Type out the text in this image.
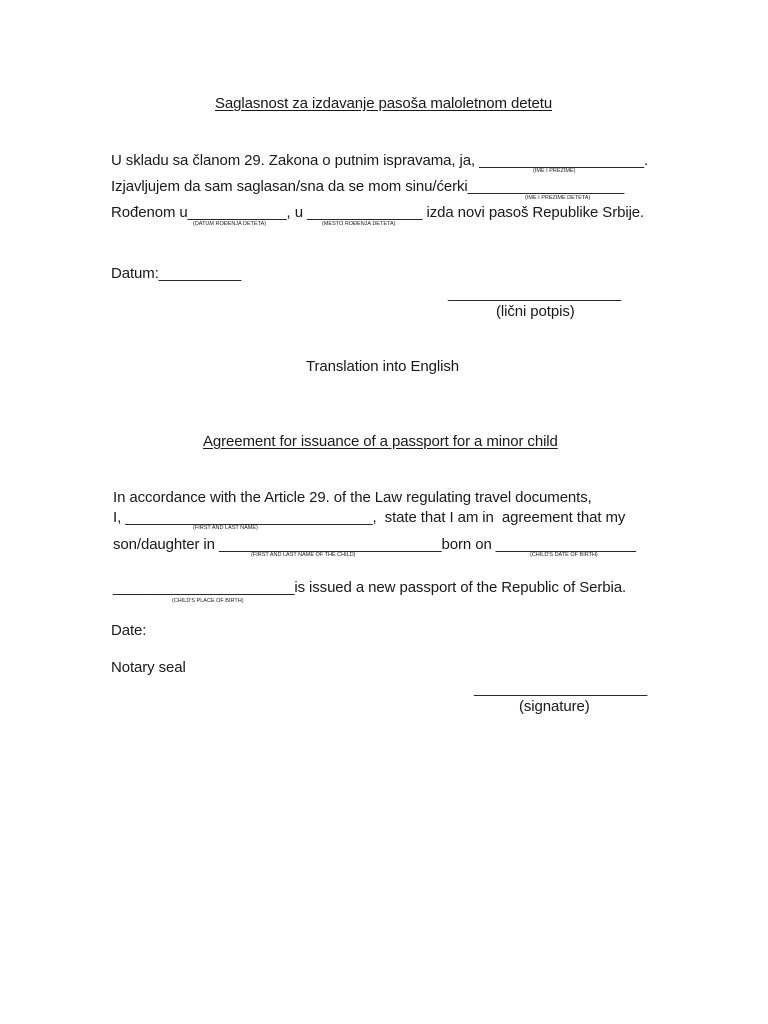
Saglasnost za izdavanje pasoša maloletnom detetu
U skladu sa članom 29. Zakona o putnim ispravama, ja, ____________________.
(IME I PREZIME)
Izjavljujem da sam saglasan/sna da se mom sinu/ćerki___________________
(IME I PREZIME DETETA)
Rođenom u____________, u ______________ izda novi pasoš Republike Srbije.
(DATUM ROĐENJA DETETA)	(MESTO ROĐENJA DETETA)
Datum:__________
_____________________
(lični potpis)
Translation into English
Agreement for issuance of a passport for a minor child
In accordance with the Article 29. of the Law regulating travel documents,
I, ______________________________,  state that I am in  agreement that my
(FIRST AND LAST NAME)
son/daughter in ___________________________born on _________________
(FIRST AND LAST NAME OF THE CHILD)	(CHILD'S DATE OF BIRTH)
______________________is issued a new passport of the Republic of Serbia.
(CHILD'S PLACE OF BIRTH)
Date:
Notary seal
_____________________
(signature)
